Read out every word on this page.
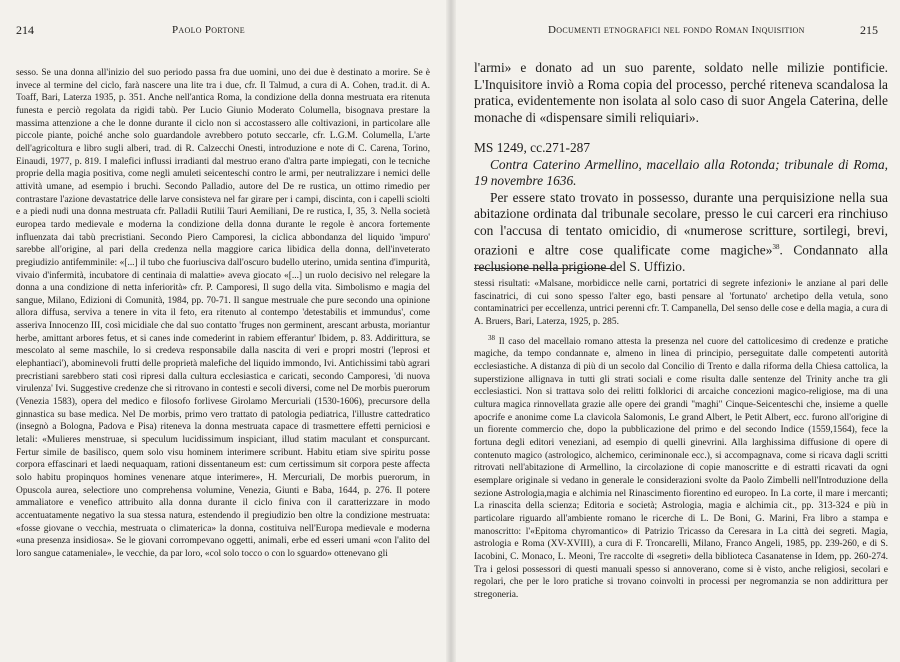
214	Paolo Portone
sesso. Se una donna all'inizio del suo periodo passa fra due uomini, uno dei due è destinato a morire. Se è invece al termine del ciclo, farà nascere una lite tra i due, cfr. Il Talmud, a cura di A. Cohen, trad.it. di A. Toaff, Bari, Laterza 1935, p. 351. Anche nell'antica Roma, la condizione della donna mestruata era ritenuta funesta e perciò regolata da rigidi tabù. Per Lucio Giunio Moderato Columella, bisognava prestare la massima attenzione a che le donne durante il ciclo non si accostassero alle coltivazioni, in particolare alle piccole piante, poiché anche solo guardandole avrebbero potuto seccarle, cfr. L.G.M. Columella, L'arte dell'agricoltura e libro sugli alberi, trad. di R. Calzecchi Onesti, introduzione e note di C. Carena, Torino, Einaudi, 1977, p. 819. I malefici influssi irradianti dal mestruo erano d'altra parte impiegati, con le tecniche proprie della magia positiva, come negli amuleti seicenteschi contro le armi, per neutralizzare i nemici delle attività umane, ad esempio i bruchi. Secondo Palladio, autore del De re rustica, un ottimo rimedio per contrastare l'azione devastatrice delle larve consisteva nel far girare per i campi, discinta, con i capelli sciolti e a piedi nudi una donna mestruata cfr. Palladii Rutilii Tauri Aemiliani, De re rustica, I, 35, 3. Nella società europea tardo medievale e moderna la condizione della donna durante le regole è ancora fortemente influenzata dai tabù precristiani. Secondo Piero Camporesi, la ciclica abbondanza del liquido 'impuro' sarebbe all'origine, al pari della credenza nella maggiore carica libidica della donna, dell'inveterato pregiudizio antifemminile: «[...] il tubo che fuoriusciva dall'oscuro budello uterino, umida sentina d'impurità, vivaio d'infermità, incubatore di centinaia di malattie» aveva giocato «[...] un ruolo decisivo nel relegare la donna a una condizione di netta inferiorità» cfr. P. Camporesi, Il sugo della vita. Simbolismo e magia del sangue, Milano, Edizioni di Comunità, 1984, pp. 70-71. Il sangue mestruale che pure secondo una opinione allora diffusa, serviva a tenere in vita il feto, era ritenuto al contempo 'detestabilis et immundus', come asseriva Innocenzo III, così micidiale che dal suo contatto 'fruges non germinent, arescant arbusta, moriantur herbe, amittant arbores fetus, et si canes inde comederint in rabiem efferantur' Ibidem, p. 83. Addirittura, se mescolato al seme maschile, lo si credeva responsabile dalla nascita di veri e propri mostri ('leprosi et elephantiaci'), abominevoli frutti delle proprietà malefiche del liquido immondo, Ivi. Antichissimi tabù agrari precristiani sarebbero stati così ripresi dalla cultura ecclesiastica e caricati, secondo Camporesi, 'di nuova virulenza' Ivi. Suggestive credenze che si ritrovano in contesti e secoli diversi, come nel De morbis puerorum (Venezia 1583), opera del medico e filosofo forlivese Girolamo Mercuriali (1530-1606), precursore della ginnastica su base medica. Nel De morbis, primo vero trattato di patologia pediatrica, l'illustre cattedratico (insegnò a Bologna, Padova e Pisa) riteneva la donna mestruata capace di trasmettere effetti perniciosi e letali: «Mulieres menstruae, si speculum lucidissimum inspiciant, illud statim maculant et conspurcant. Fertur simile de basilisco, quem solo visu hominem interimere scribunt. Habitu etiam sive spiritu posse corpora effascinari et laedi nequaquam, rationi dissentaneum est: cum certissimum sit corpora peste affecta solo habitu propinquos homines venenare atque interimere», H. Mercuriali, De morbis puerorum, in Opuscola aurea, selectiore uno comprehensa volumine, Venezia, Giunti e Baba, 1644, p. 276. Il potere ammaliatore e venefico attribuito alla donna durante il ciclo finiva con il caratterizzare in modo accentuatamente negativo la sua stessa natura, estendendo il pregiudizio ben oltre la condizione mestruata: «fosse giovane o vecchia, mestruata o climaterica» la donna, costituiva nell'Europa medievale e moderna «una presenza insidiosa». Se le giovani corrompevano oggetti, animali, erbe ed esseri umani «con l'alito del loro sangue catameniale», le vecchie, da par loro, «col solo tocco o con lo sguardo» ottenevano gli
Documenti etnografici nel fondo Roman Inquisition	215

l'armi» e donato ad un suo parente, soldato nelle milizie pontificie. L'Inquisitore inviò a Roma copia del processo, perché riteneva scandalosa la pratica, evidentemente non isolata al solo caso di suor Angela Caterina, delle monache di «dispensare simili reliquiari».

MS 1249, cc.271-287

Contra Caterino Armellino, macellaio alla Rotonda; tribunale di Roma, 19 novembre 1636.

Per essere stato trovato in possesso, durante una perquisizione nella sua abitazione ordinata dal tribunale secolare, presso le cui carceri era rinchiuso con l'accusa di tentato omicidio, di «numerose scritture, sortilegi, brevi, orazioni e altre cose qualificate come magiche»$^{38}$. Condannato alla reclusione nella prigione del S. Uffizio.

stessi risultati: «Malsane, morbidicce nelle carni, portatrici di segrete infezioni» le anziane al pari delle fascinatrici, di cui sono spesso l'alter ego, basti pensare al 'fortunato' archetipo della vetula, sono contaminatrici per eccellenza, untrici perenni cfr. T. Campanella, Del senso delle cose e della magia, a cura di A. Bruers, Bari, Laterza, 1925, p. 285.

$^{38}$ Il caso del macellaio romano attesta la presenza nel cuore del cattolicesimo di credenze e pratiche magiche, da tempo condannate e, almeno in linea di principio, perseguitate dalle competenti autorità ecclesiastiche. A distanza di più di un secolo dal Concilio di Trento e dalla riforma della Chiesa cattolica, la superstizione allignava in tutti gli strati sociali e come risulta dalle sentenze del Trinity anche tra gli ecclesiastici. Non si trattava solo dei relitti folklorici di arcaiche concezioni magico-religiose, ma di una cultura magica rinnovellata grazie alle opere dei grandi "maghi" Cinque-Seicenteschi che, insieme a quelle apocrife e anonime come La clavicola Salomonis, Le grand Albert, le Petit Albert, ecc. furono all'origine di un fiorente commercio che, dopo la pubblicazione del primo e del secondo Indice (1559,1564), fece la fortuna degli editori veneziani, ad esempio di quelli ginevrini. Alla larghissima diffusione di opere di contenuto magico (astrologico, alchemico, ceriminonale ecc.), si accompagnava, come si ricava dagli scritti ritrovati nell'abitazione di Armellino, la circolazione di copie manoscritte e di estratti ricavati da ogni esemplare originale si vedano in generale le considerazioni svolte da Paolo Zimbelli nell'Introduzione della sezione Astrologia,magia e alchimia nel Rinascimento fiorentino ed europeo. In La corte, il mare i mercanti; La rinascita della scienza; Editoria e società; Astrologia, magia e alchimia cit., pp. 313-324 e più in particolare riguardo all'ambiente romano le ricerche di L. De Boni, G. Marini, Fra libro a stampa e manoscritto: l'«Epitoma chyromantico» di Patrizio Tricasso da Ceresara in La città dei segreti. Magia, astrologia e Roma (XV-XVIII), a cura di F. Troncarelli, Milano, Franco Angeli, 1985, pp. 239-260, e di S. Iacobini, C. Monaco, L. Meoni, Tre raccolte di «segreti» della biblioteca Casanatense in Idem, pp. 260-274. Tra i gelosi possessori di questi manuali spesso si annoverano, come si è visto, anche religiosi, secolari e regolari, che per le loro pratiche si trovano coinvolti in processi per negromanzia se non addirittura per stregoneria.
